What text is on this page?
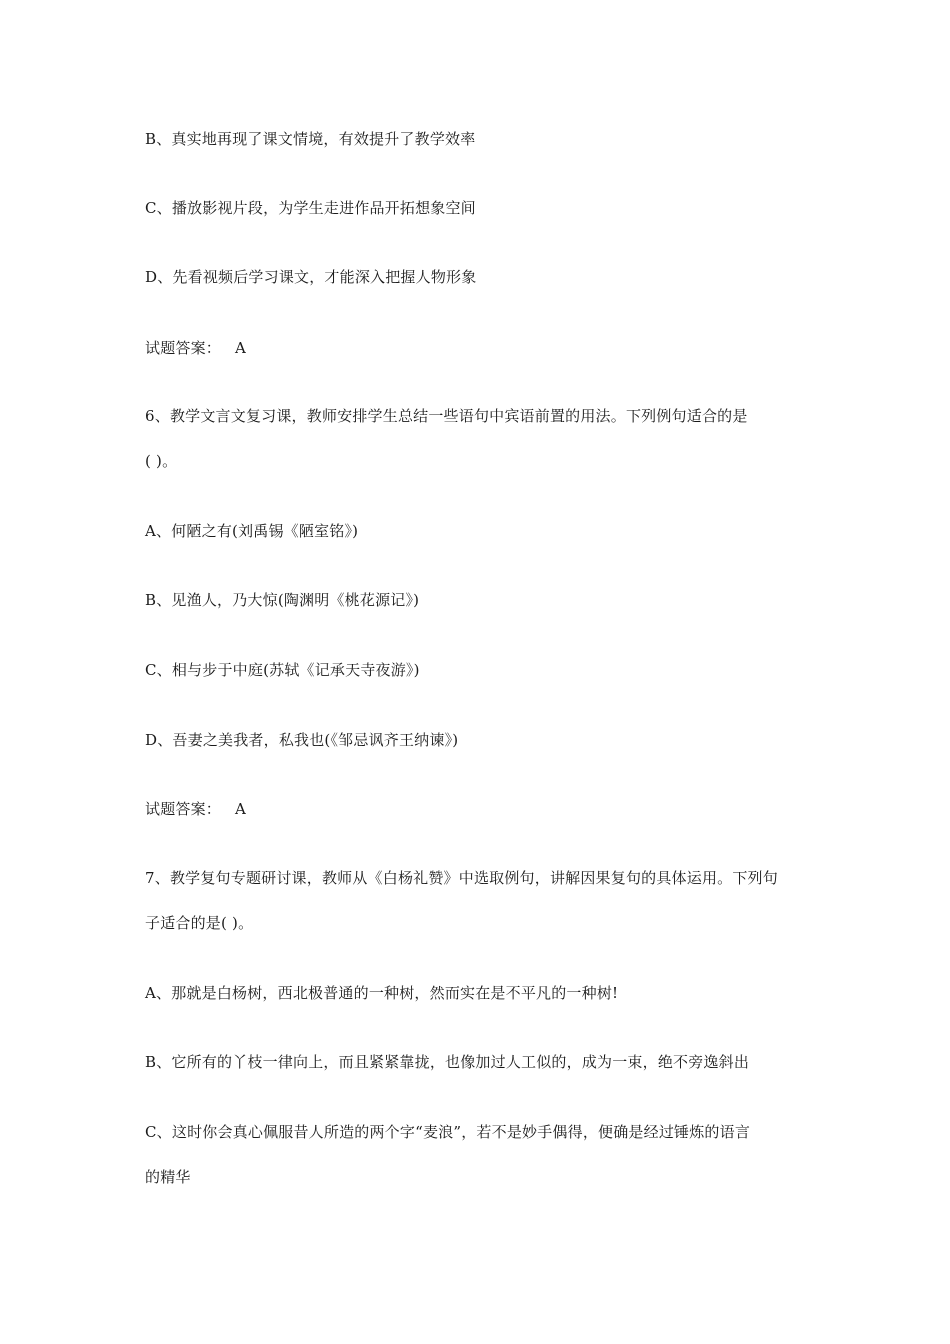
B、真实地再现了课文情境，有效提升了教学效率
C、播放影视片段，为学生走进作品开拓想象空间
D、先看视频后学习课文，才能深入把握人物形象
试题答案： A
6、教学文言文复习课，教师安排学生总结一些语句中宾语前置的用法。下列例句适合的是
( )。
A、何陋之有(刘禹锡《陋室铭》)
B、见渔人，乃大惊(陶渊明《桃花源记》)
C、相与步于中庭(苏轼《记承天寺夜游》)
D、吾妻之美我者，私我也(《邹忌讽齐王纳谏》)
试题答案： A
7、教学复句专题研讨课，教师从《白杨礼赞》中选取例句，讲解因果复句的具体运用。下列句
子适合的是( )。
A、那就是白杨树，西北极普通的一种树，然而实在是不平凡的一种树!
B、它所有的丫枝一律向上，而且紧紧靠拢，也像加过人工似的，成为一束，绝不旁逸斜出
C、这时你会真心佩服昔人所造的两个字“麦浪”，若不是妙手偶得，便确是经过锤炼的语言
的精华
